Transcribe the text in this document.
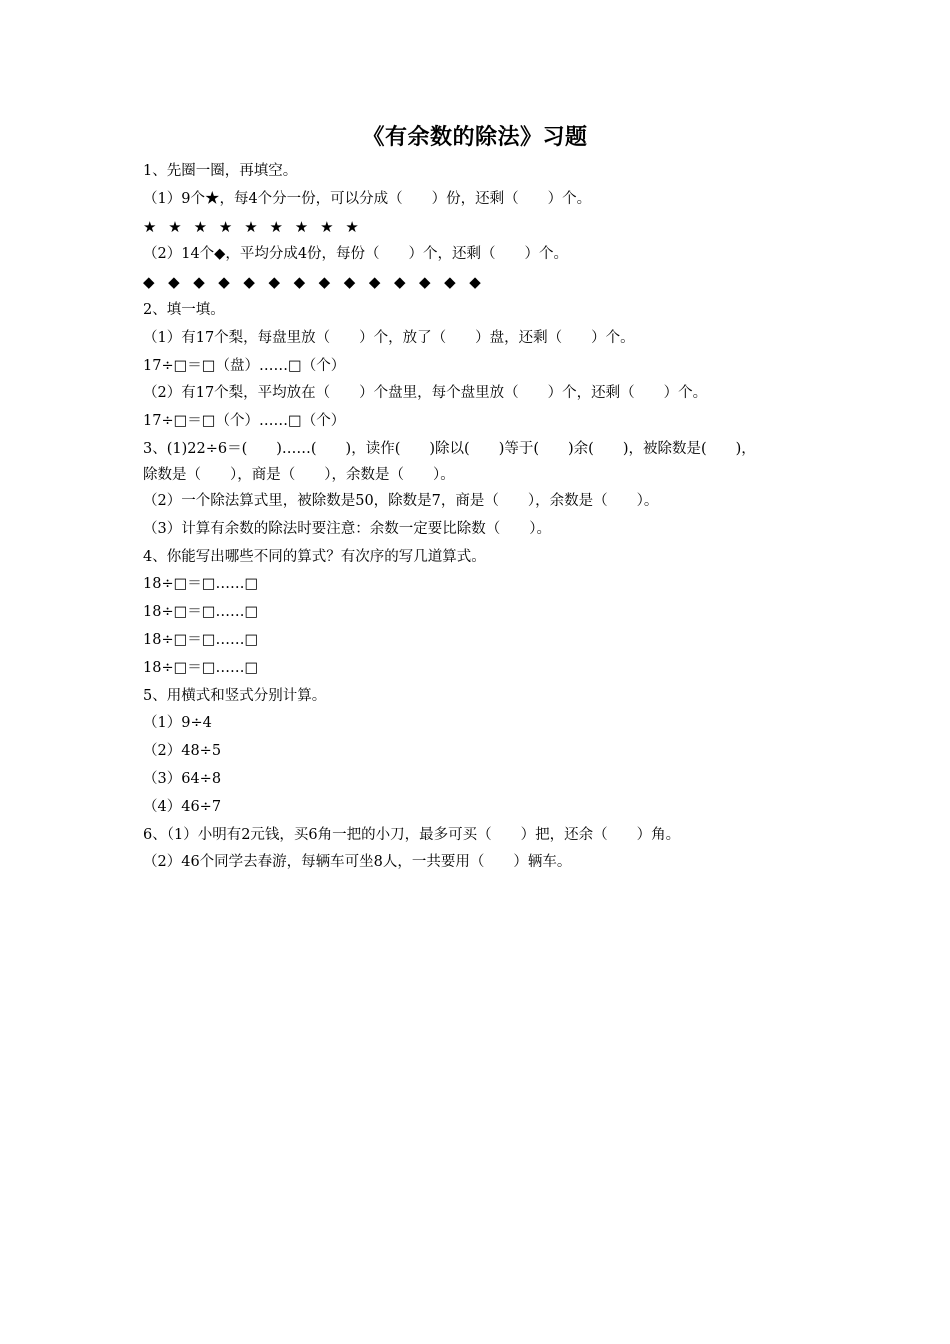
《有余数的除法》习题
1、先圈一圈，再填空。
（1）9个★，每4个分一份，可以分成（　　）份，还剩（　　）个。
★ ★ ★ ★ ★ ★ ★ ★ ★
（2）14个◆，平均分成4份，每份（　　）个，还剩（　　）个。
◆ ◆ ◆ ◆ ◆ ◆ ◆ ◆ ◆ ◆ ◆ ◆ ◆ ◆
2、填一填。
（1）有17个梨，每盘里放（　　）个，放了（　　）盘，还剩（　　）个。
17÷□＝□（盘）……□（个）
（2）有17个梨，平均放在（　　）个盘里，每个盘里放（　　）个，还剩（　　）个。
17÷□＝□（个）……□（个）
3、(1)22÷6＝(　　)……(　　)，读作(　　)除以(　　)等于(　　)余(　　)，被除数是(　　)，
除数是（　　），商是（　　），余数是（　　）。
（2）一个除法算式里，被除数是50，除数是7，商是（　　），余数是（　　）。
（3）计算有余数的除法时要注意：余数一定要比除数（　　）。
4、你能写出哪些不同的算式？有次序的写几道算式。
18÷□＝□……□
18÷□＝□……□
18÷□＝□……□
18÷□＝□……□
5、用横式和竖式分别计算。
（1）9÷4
（2）48÷5
（3）64÷8
（4）46÷7
6、（1）小明有2元钱，买6角一把的小刀，最多可买（　　）把，还余（　　）角。
（2）46个同学去春游，每辆车可坐8人，一共要用（　　）辆车。
